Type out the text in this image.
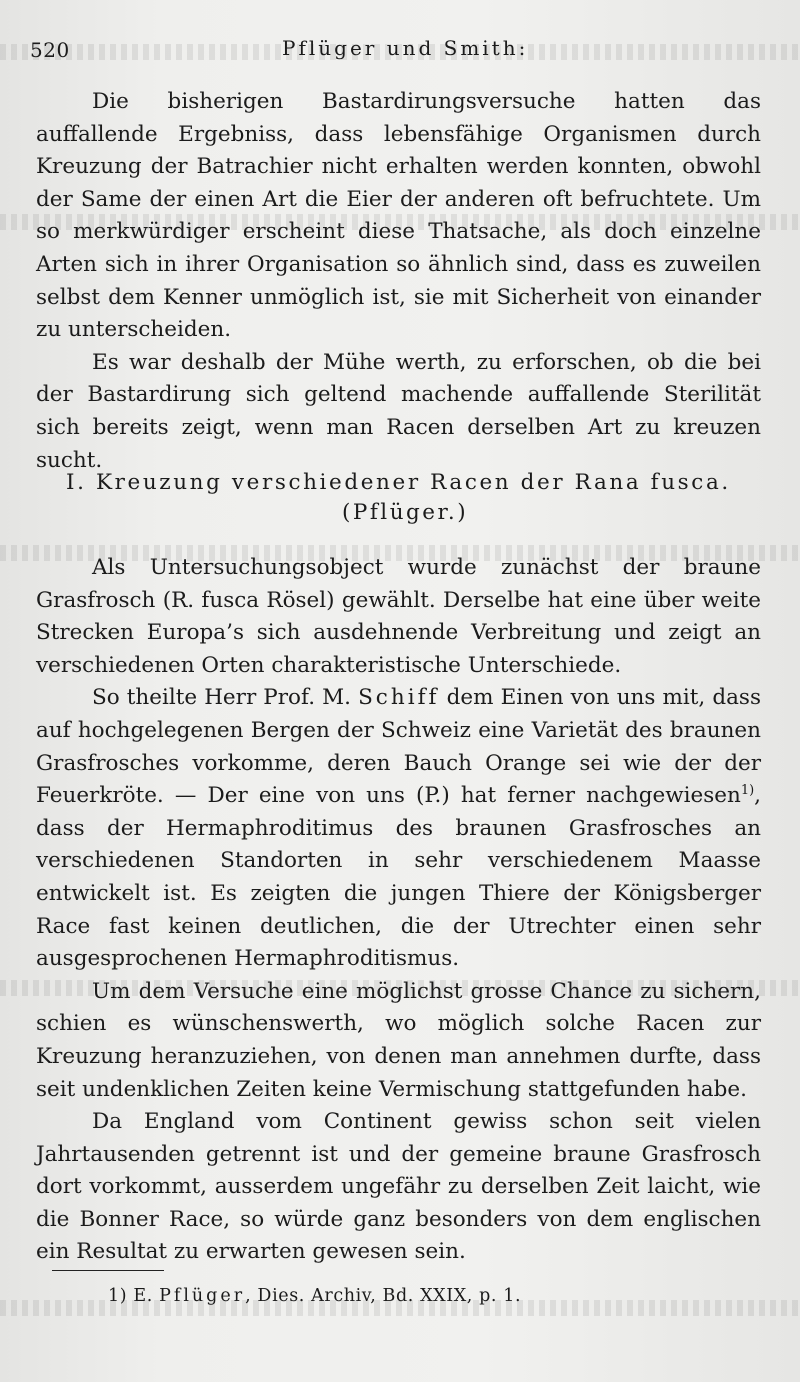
520	Pflüger und Smith:

Die bisherigen Bastardirungsversuche hatten das auffallende Ergebniss, dass lebensfähige Organismen durch Kreuzung der Batrachier nicht erhalten werden konnten, obwohl der Same der einen Art die Eier der anderen oft befruchtete. Um so merkwürdiger erscheint diese Thatsache, als doch einzelne Arten sich in ihrer Organisation so ähnlich sind, dass es zuweilen selbst dem Kenner unmöglich ist, sie mit Sicherheit von einander zu unterscheiden.

Es war deshalb der Mühe werth, zu erforschen, ob die bei der Bastardirung sich geltend machende auffallende Sterilität sich bereits zeigt, wenn man Racen derselben Art zu kreuzen sucht.

I. Kreuzung verschiedener Racen der Rana fusca.
(Pflüger.)

Als Untersuchungsobject wurde zunächst der braune Grasfrosch (R. fusca Rösel) gewählt. Derselbe hat eine über weite Strecken Europa’s sich ausdehnende Verbreitung und zeigt an verschiedenen Orten charakteristische Unterschiede.

So theilte Herr Prof. M. Schiff dem Einen von uns mit, dass auf hochgelegenen Bergen der Schweiz eine Varietät des braunen Grasfrosches vorkomme, deren Bauch Orange sei wie der der Feuerkröte. — Der eine von uns (P.) hat ferner nachgewiesen$^{1)}$, dass der Hermaphroditimus des braunen Grasfrosches an verschiedenen Standorten in sehr verschiedenem Maasse entwickelt ist. Es zeigten die jungen Thiere der Königsberger Race fast keinen deutlichen, die der Utrechter einen sehr ausgesprochenen Hermaphroditismus.

Um dem Versuche eine möglichst grosse Chance zu sichern, schien es wünschenswerth, wo möglich solche Racen zur Kreuzung heranzuziehen, von denen man annehmen durfte, dass seit undenklichen Zeiten keine Vermischung stattgefunden habe.

Da England vom Continent gewiss schon seit vielen Jahrtausenden getrennt ist und der gemeine braune Grasfrosch dort vorkommt, ausserdem ungefähr zu derselben Zeit laicht, wie die Bonner Race, so würde ganz besonders von dem englischen ein Resultat zu erwarten gewesen sein.

1) E. Pflüger, Dies. Archiv, Bd. XXIX, p. 1.
